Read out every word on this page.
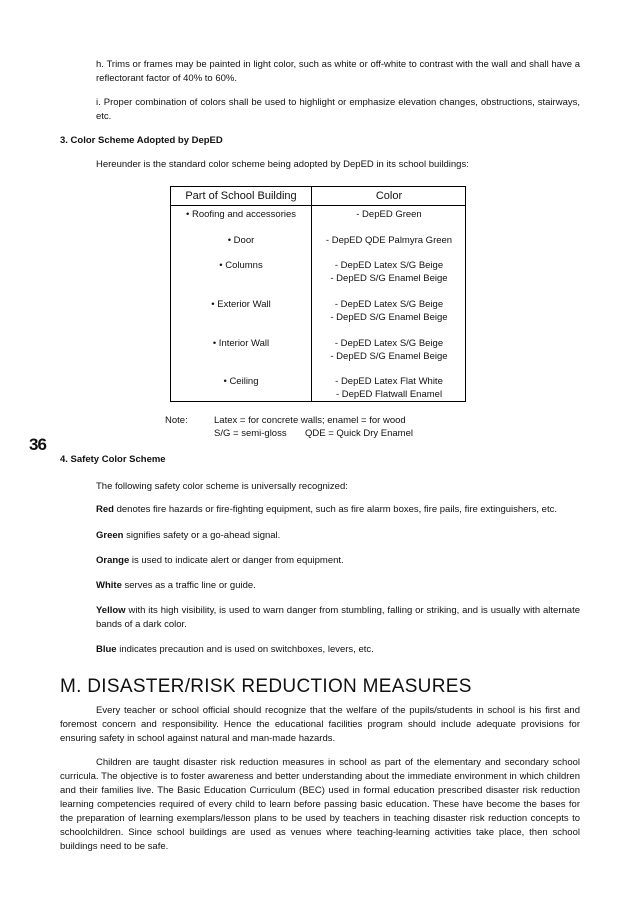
h. Trims or frames may be painted in light color, such as white or off-white to contrast with the wall and shall have a reflectorant factor of 40% to 60%.

i. Proper combination of colors shall be used to highlight or emphasize elevation changes, obstructions, stairways, etc.

3. Color Scheme Adopted by DepED

Hereunder is the standard color scheme being adopted by DepED in its school buildings:

Part of School Building	Color
• Roofing and accessories	- DepED Green
• Door	- DepED QDE Palmyra Green
• Columns	- DepED Latex S/G Beige
- DepED S/G Enamel Beige
• Exterior Wall	- DepED Latex S/G Beige
- DepED S/G Enamel Beige
• Interior Wall	- DepED Latex S/G Beige
- DepED S/G Enamel Beige
• Ceiling	- DepED Latex Flat White
- DepED Flatwall Enamel

Note:	Latex = for concrete walls; enamel = for wood

S/G = semi-gloss QDE = Quick Dry Enamel

36

4. Safety Color Scheme

The following safety color scheme is universally recognized:

Red denotes fire hazards or fire-fighting equipment, such as fire alarm boxes, fire pails, fire extinguishers, etc.

Green signifies safety or a go-ahead signal.

Orange is used to indicate alert or danger from equipment.

White serves as a traffic line or guide.

Yellow with its high visibility, is used to warn danger from stumbling, falling or striking, and is usually with alternate bands of a dark color.

Blue indicates precaution and is used on switchboxes, levers, etc.

M. DISASTER/RISK REDUCTION MEASURES

Every teacher or school official should recognize that the welfare of the pupils/students in school is his first and foremost concern and responsibility. Hence the educational facilities program should include adequate provisions for ensuring safety in school against natural and man-made hazards.

Children are taught disaster risk reduction measures in school as part of the elementary and secondary school curricula. The objective is to foster awareness and better understanding about the immediate environment in which children and their families live. The Basic Education Curriculum (BEC) used in formal education prescribed disaster risk reduction learning competencies required of every child to learn before passing basic education. These have become the bases for the preparation of learning exemplars/lesson plans to be used by teachers in teaching disaster risk reduction concepts to schoolchildren. Since school buildings are used as venues where teaching-learning activities take place, then school buildings need to be safe.
